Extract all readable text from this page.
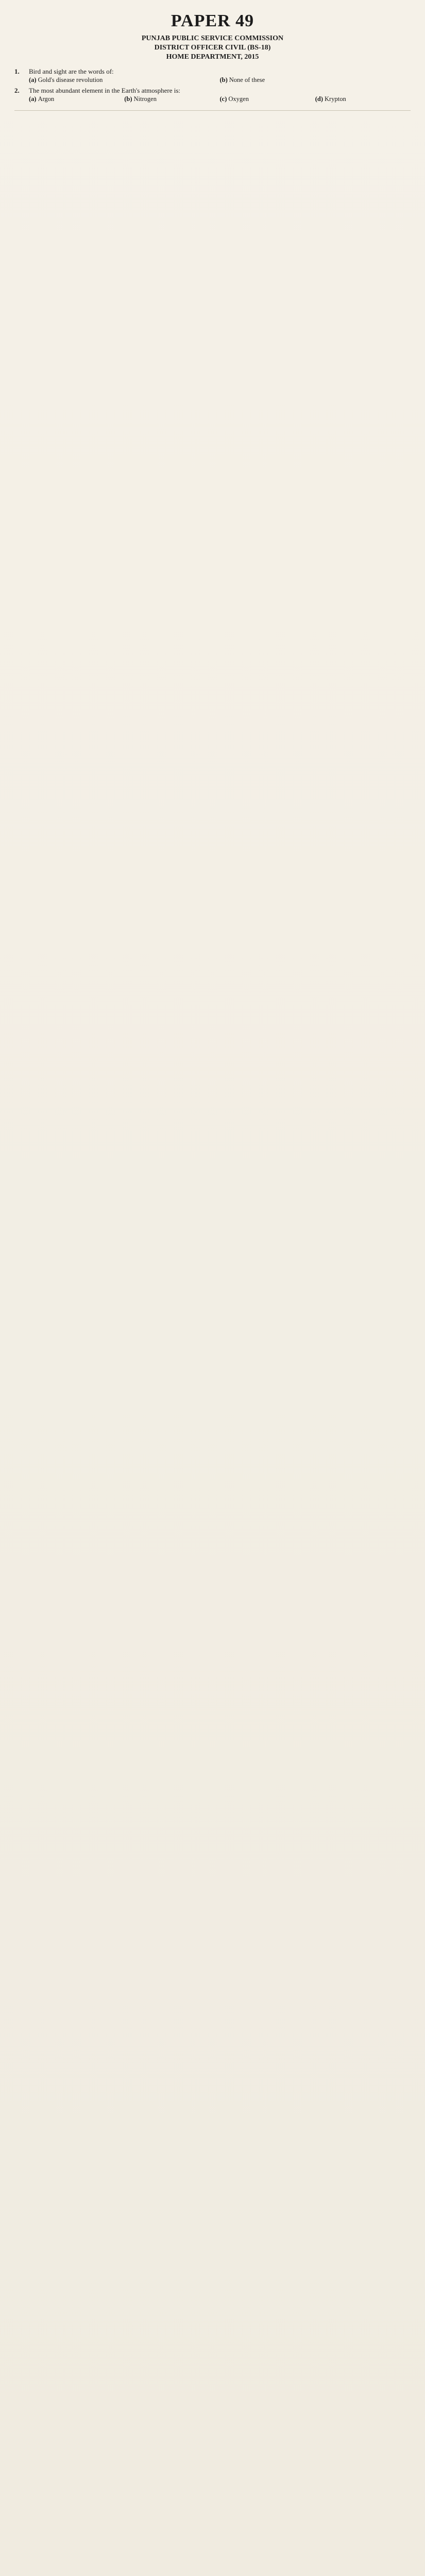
PAPER 49
PUNJAB PUBLIC SERVICE COMMISSION
DISTRICT OFFICER CIVIL (BS-18)
HOME DEPARTMENT, 2015
1.	Bird and sight are the words of:
(a) Gold's disease revolution	(b) None of these
2.	The most abundant element in the Earth's atmosphere is:
(a) Argon	(b) Nitrogen	(c) Oxygen	(d) Krypton
